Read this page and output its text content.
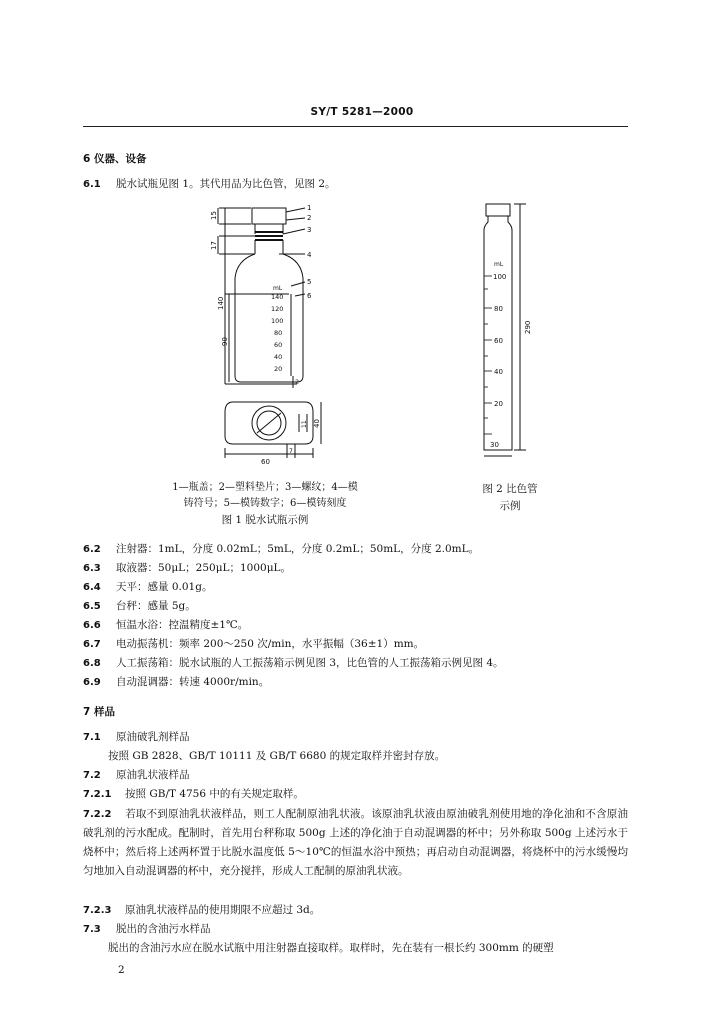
SY/T 5281—2000
6 仪器、设备
6.1 脱水试瓶见图 1。其代用品为比色管，见图 2。
1
2
3
4
5
6
15
17
140
90
mL
140
120
100
80
60
40
20
2
40
11
7
60
1—瓶盖；2—塑料垫片；3—螺纹；4—模
铸符号；5—模铸数字；6—模铸刻度
图 1 脱水试瓶示例
mL
100
80
60
40
20
290
30
图 2 比色管
示例
6.2 注射器：1mL，分度 0.02mL；5mL，分度 0.2mL；50mL，分度 2.0mL。
6.3 取液器：50μL；250μL；1000μL。
6.4 天平：感量 0.01g。
6.5 台秤：感量 5g。
6.6 恒温水浴：控温精度±1℃。
6.7 电动振荡机：频率 200～250 次/min，水平振幅（36±1）mm。
6.8 人工振荡箱：脱水试瓶的人工振荡箱示例见图 3，比色管的人工振荡箱示例见图 4。
6.9 自动混调器：转速 4000r/min。
7 样品
7.1 原油破乳剂样品
按照 GB 2828、GB/T 10111 及 GB/T 6680 的规定取样并密封存放。
7.2 原油乳状液样品
7.2.1 按照 GB/T 4756 中的有关规定取样。
7.2.2 若取不到原油乳状液样品，则工人配制原油乳状液。该原油乳状液由原油破乳剂使用地的净化油和不含原油破乳剂的污水配成。配制时，首先用台秤称取 500g 上述的净化油于自动混调器的杯中；另外称取 500g 上述污水于烧杯中；然后将上述两杯置于比脱水温度低 5～10℃的恒温水浴中预热；再启动自动混调器，将烧杯中的污水缓慢均匀地加入自动混调器的杯中，充分搅拌，形成人工配制的原油乳状液。
7.2.3 原油乳状液样品的使用期限不应超过 3d。
7.3 脱出的含油污水样品
脱出的含油污水应在脱水试瓶中用注射器直接取样。取样时，先在装有一根长约 300mm 的硬塑
2
